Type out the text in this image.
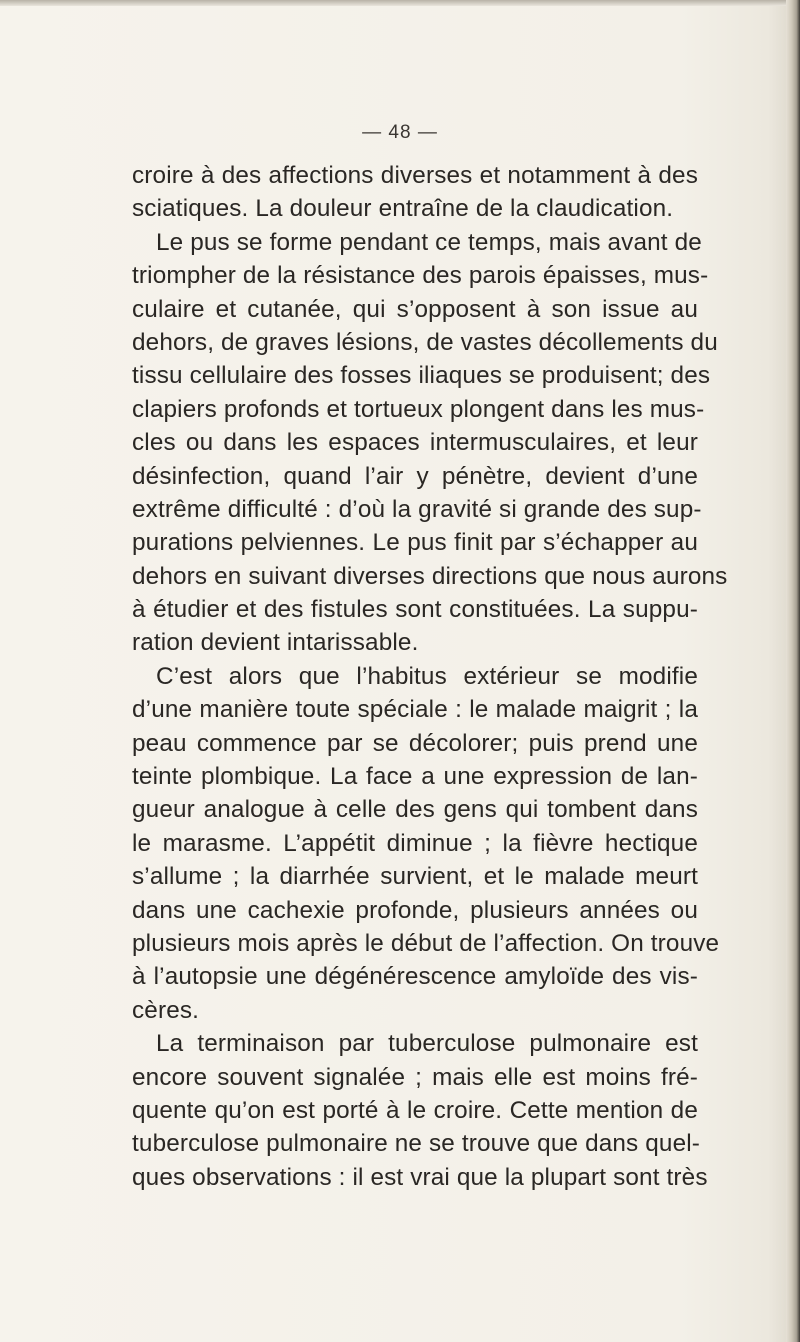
— 48 —
croire à des affections diverses et notamment à des
sciatiques. La douleur entraîne de la claudication.
Le pus se forme pendant ce temps, mais avant de
triompher de la résistance des parois épaisses, mus-
culaire et cutanée, qui s’opposent à son issue au
dehors, de graves lésions, de vastes décollements du
tissu cellulaire des fosses iliaques se produisent; des
clapiers profonds et tortueux plongent dans les mus-
cles ou dans les espaces intermusculaires, et leur
désinfection, quand l’air y pénètre, devient d’une
extrême difficulté : d’où la gravité si grande des sup-
purations pelviennes. Le pus finit par s’échapper au
dehors en suivant diverses directions que nous aurons
à étudier et des fistules sont constituées. La suppu-
ration devient intarissable.
C’est alors que l’habitus extérieur se modifie
d’une manière toute spéciale : le malade maigrit ; la
peau commence par se décolorer; puis prend une
teinte plombique. La face a une expression de lan-
gueur analogue à celle des gens qui tombent dans
le marasme. L’appétit diminue ; la fièvre hectique
s’allume ; la diarrhée survient, et le malade meurt
dans une cachexie profonde, plusieurs années ou
plusieurs mois après le début de l’affection. On trouve
à l’autopsie une dégénérescence amyloïde des vis-
cères.
La terminaison par tuberculose pulmonaire est
encore souvent signalée ; mais elle est moins fré-
quente qu’on est porté à le croire. Cette mention de
tuberculose pulmonaire ne se trouve que dans quel-
ques observations : il est vrai que la plupart sont très
